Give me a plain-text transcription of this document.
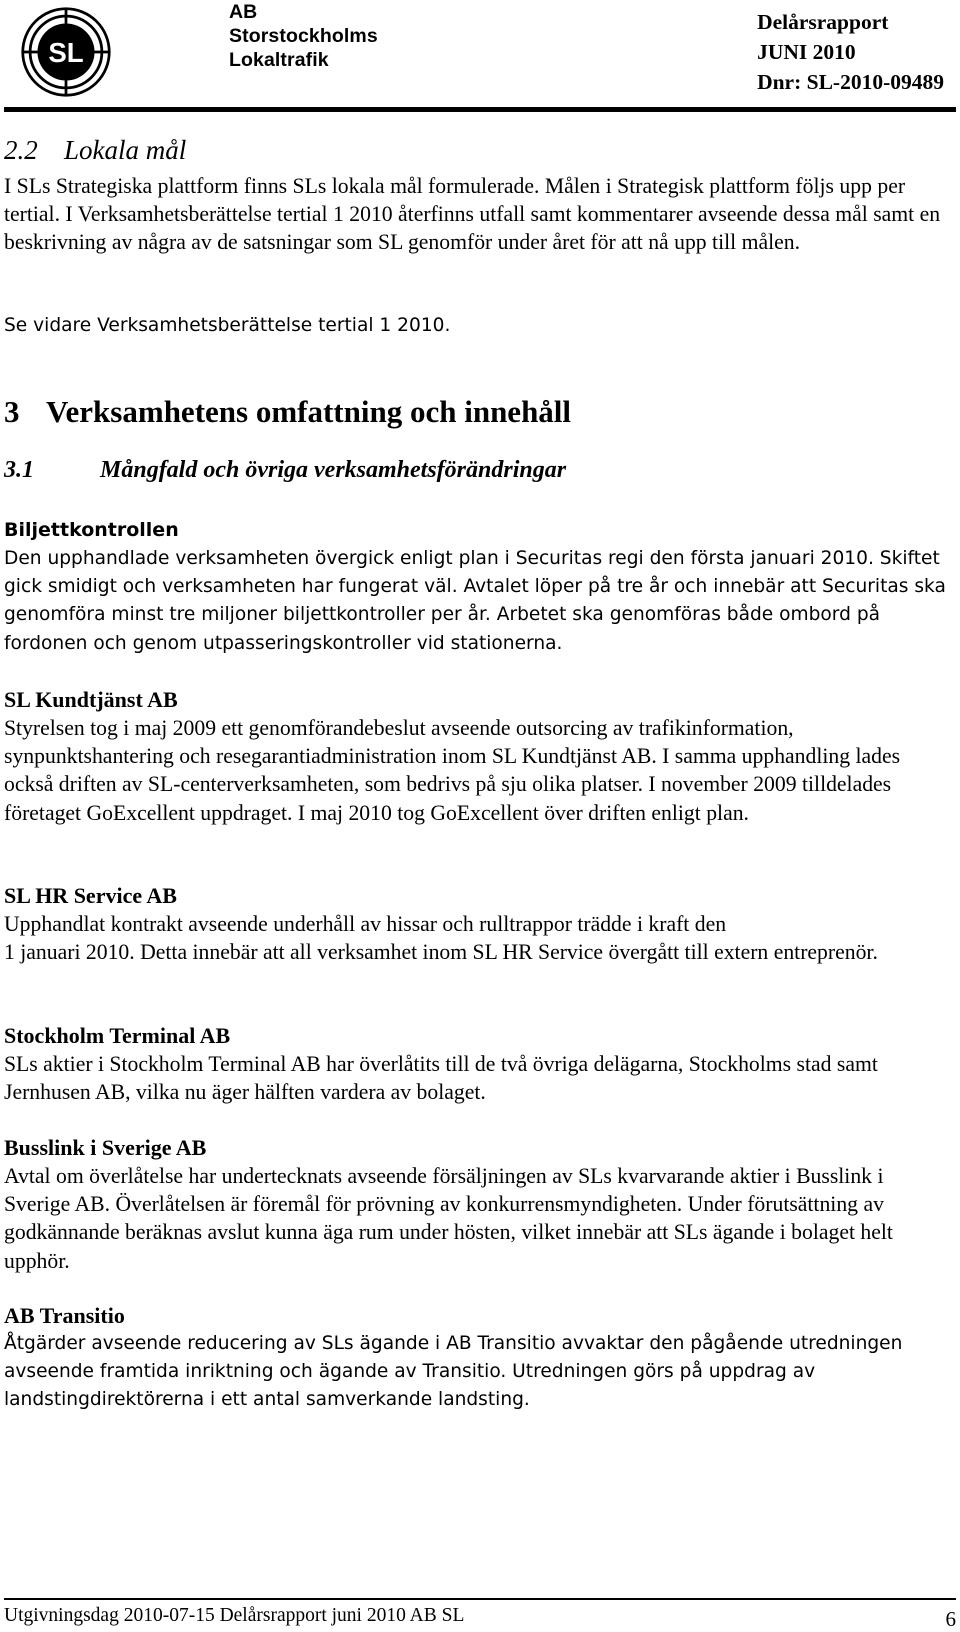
SL
AB
Storstockholms
Lokaltrafik
Delårsrapport
JUNI 2010
Dnr: SL-2010-09489
2.2 Lokala mål
I SLs Strategiska plattform finns SLs lokala mål formulerade. Målen i Strategisk plattform följs upp per tertial. I Verksamhetsberättelse tertial 1 2010 återfinns utfall samt kommentarer avseende dessa mål samt en beskrivning av några av de satsningar som SL genomför under året för att nå upp till målen.
Se vidare Verksamhetsberättelse tertial 1 2010.
3 Verksamhetens omfattning och innehåll
3.1	Mångfald och övriga verksamhetsförändringar
Biljettkontrollen
Den upphandlade verksamheten övergick enligt plan i Securitas regi den första januari 2010. Skiftet gick smidigt och verksamheten har fungerat väl. Avtalet löper på tre år och innebär att Securitas ska genomföra minst tre miljoner biljettkontroller per år. Arbetet ska genomföras både ombord på fordonen och genom utpasseringskontroller vid stationerna.
SL Kundtjänst AB
Styrelsen tog i maj 2009 ett genomförandebeslut avseende outsorcing av trafikinformation, synpunktshantering och resegarantiadministration inom SL Kundtjänst AB. I samma upphandling lades också driften av SL-centerverksamheten, som bedrivs på sju olika platser. I november 2009 tilldelades företaget GoExcellent uppdraget. I maj 2010 tog GoExcellent över driften enligt plan.
SL HR Service AB
Upphandlat kontrakt avseende underhåll av hissar och rulltrappor trädde i kraft den
1 januari 2010. Detta innebär att all verksamhet inom SL HR Service övergått till extern entreprenör.
Stockholm Terminal AB
SLs aktier i Stockholm Terminal AB har överlåtits till de två övriga delägarna, Stockholms stad samt Jernhusen AB, vilka nu äger hälften vardera av bolaget.
Busslink i Sverige AB
Avtal om överlåtelse har undertecknats avseende försäljningen av SLs kvarvarande aktier i Busslink i Sverige AB. Överlåtelsen är föremål för prövning av konkurrensmyndigheten. Under förutsättning av godkännande beräknas avslut kunna äga rum under hösten, vilket innebär att SLs ägande i bolaget helt upphör.
AB Transitio
Åtgärder avseende reducering av SLs ägande i AB Transitio avvaktar den pågående utredningen avseende framtida inriktning och ägande av Transitio. Utredningen görs på uppdrag av landstingdirektörerna i ett antal samverkande landsting.
Utgivningsdag 2010-07-15 Delårsrapport juni 2010 AB SL	6
